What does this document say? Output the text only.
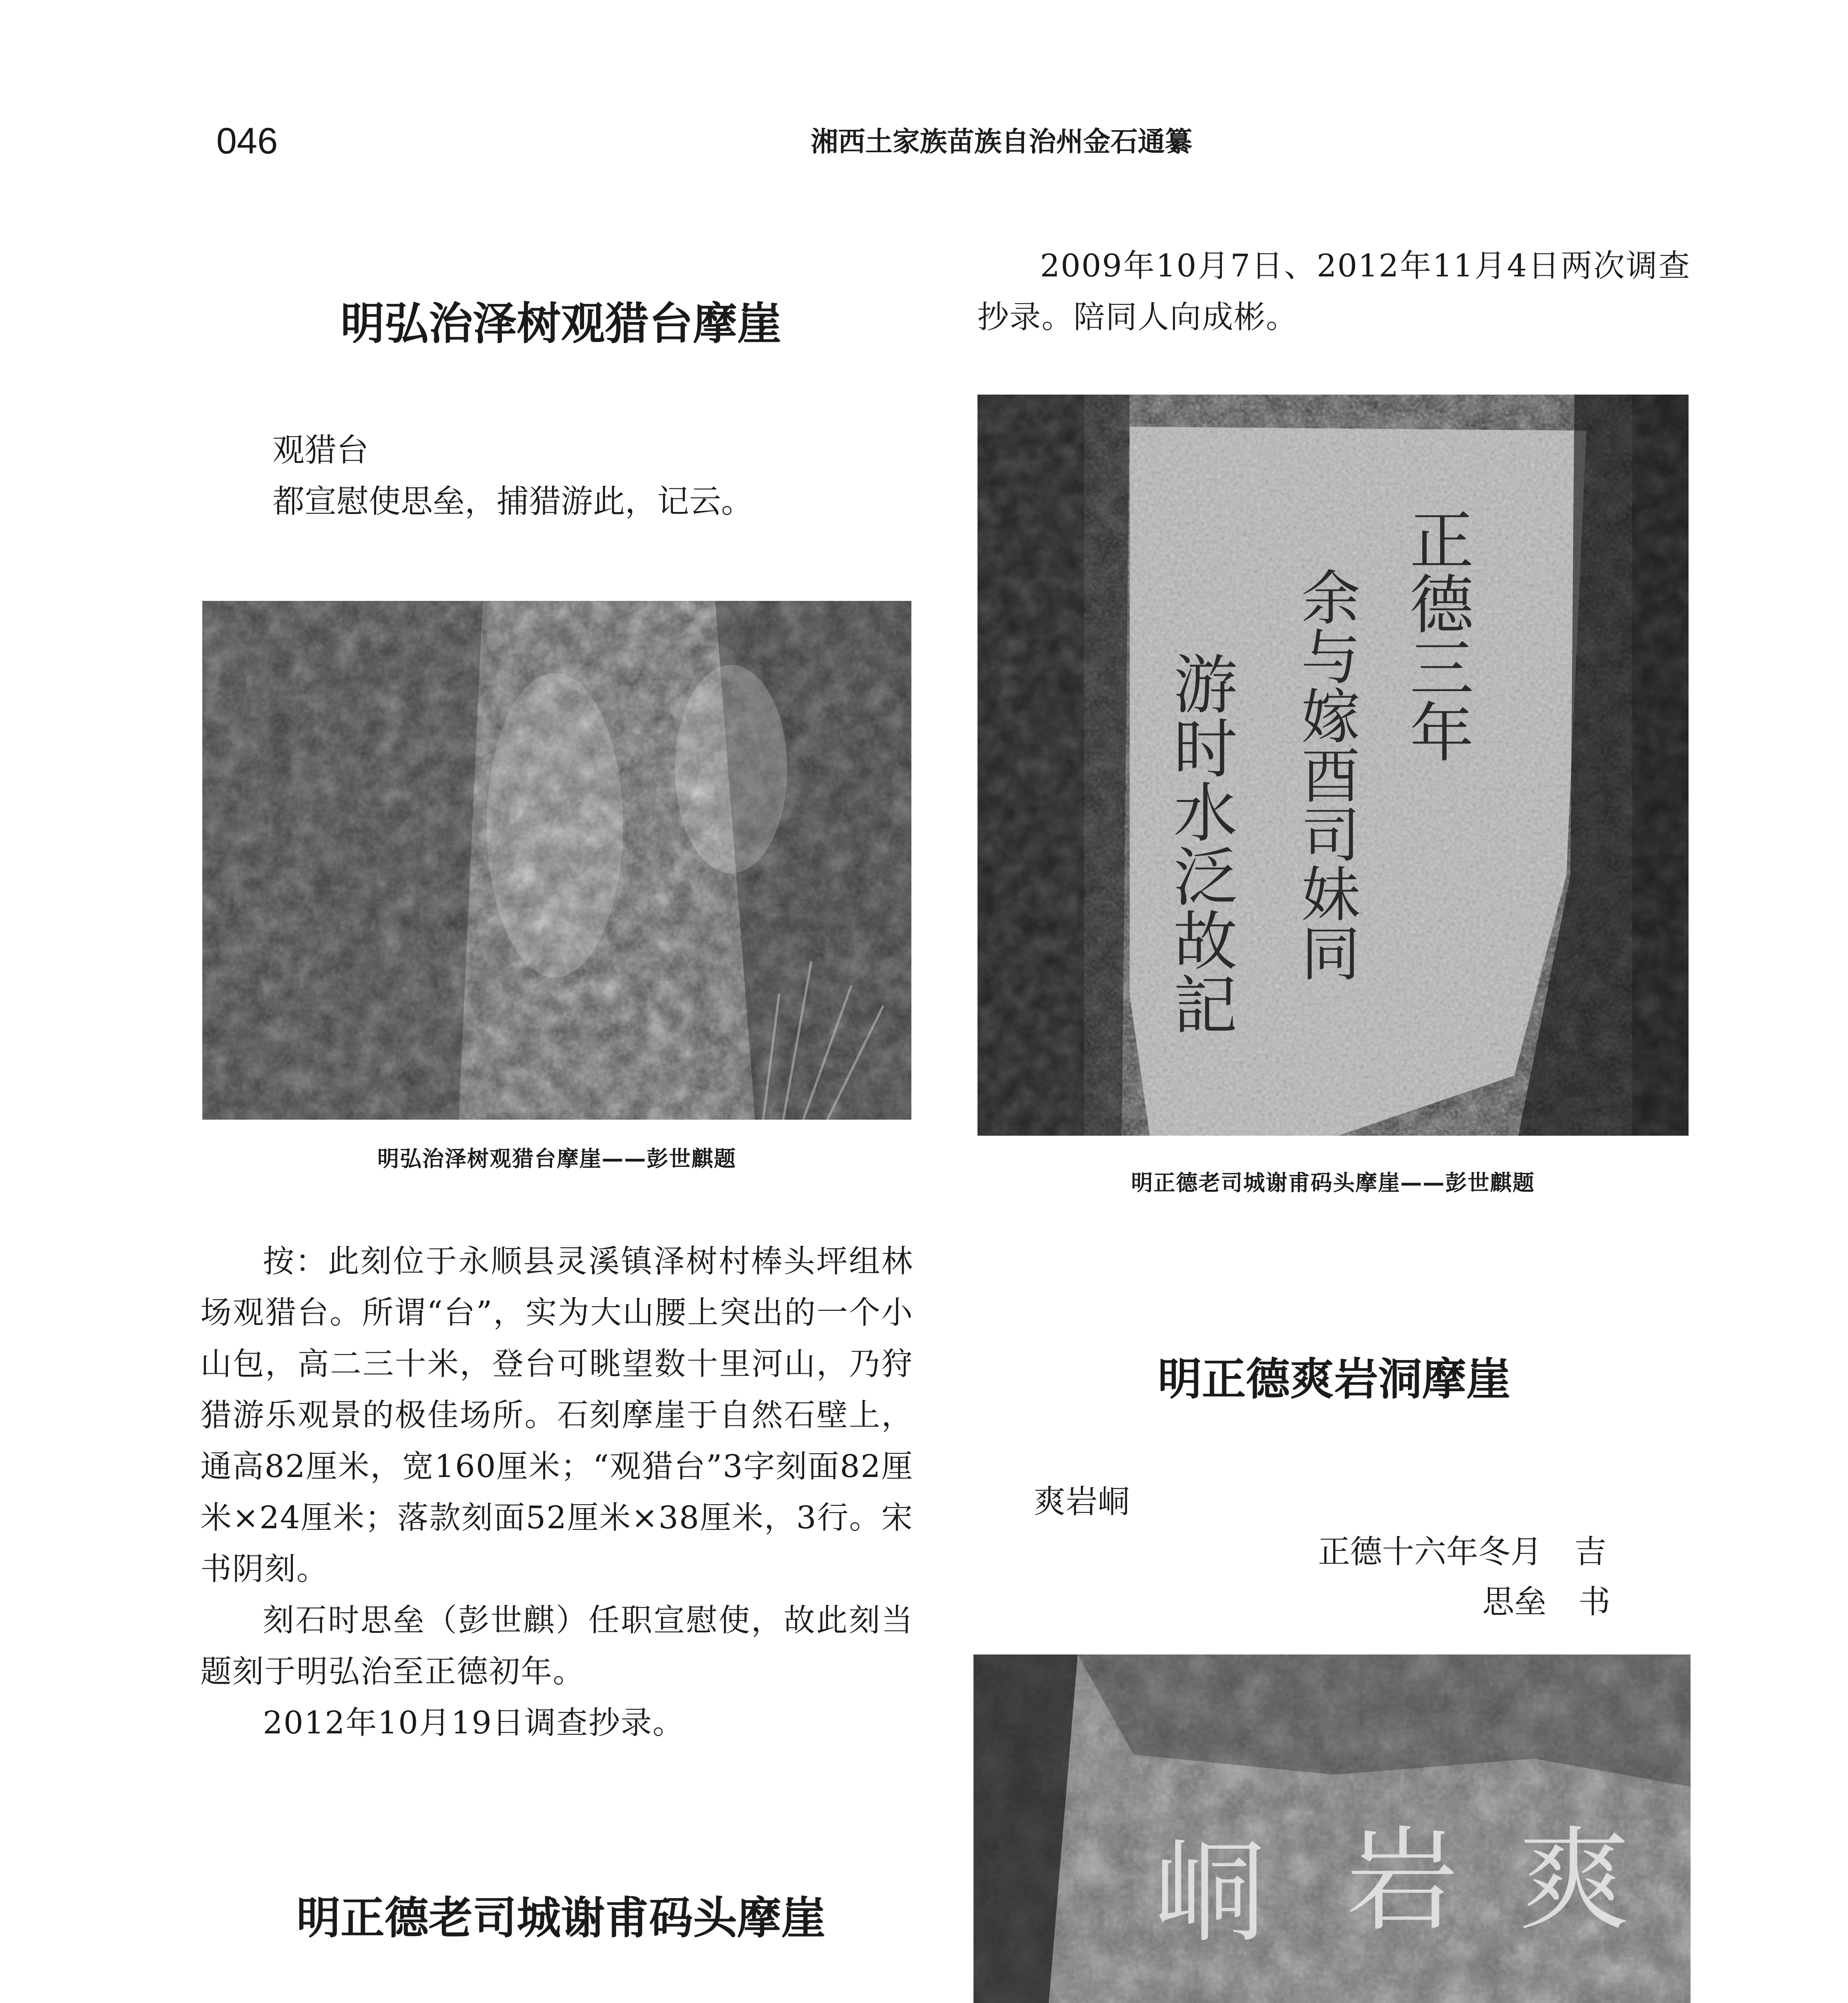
046	湘西土家族苗族自治州金石通纂
明弘治泽树观猎台摩崖
观猎台
都宣慰使思垒，捕猎游此，记云。
明弘治泽树观猎台摩崖——彭世麒题

按：此刻位于永顺县灵溪镇泽树村棒头坪组林场观猎台。所谓“台”，实为大山腰上突出的一个小山包，高二三十米，登台可眺望数十里河山，乃狩猎游乐观景的极佳场所。石刻摩崖于自然石壁上，通高82厘米，宽160厘米；“观猎台”3字刻面82厘米×24厘米；落款刻面52厘米×38厘米，3行。宋书阴刻。

刻石时思垒（彭世麒）任职宣慰使，故此刻当题刻于明弘治至正德初年。

2012年10月19日调查抄录。

明正德老司城谢甫码头摩崖

2009年10月7日、2012年11月4日两次调查抄录。陪同人向成彬。

正德三年
余与嫁酉司妹同
游时水泛故記
明正德老司城谢甫码头摩崖——彭世麒题
明正德爽岩洞摩崖
爽岩峒
正德十六年冬月　吉
思垒　书
爽
岩
峒
